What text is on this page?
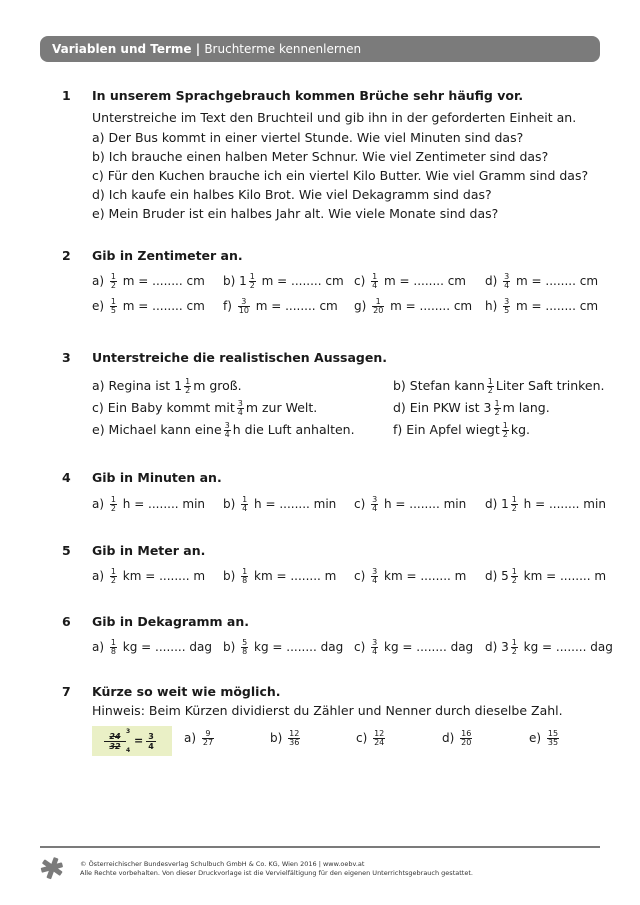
Variablen und Terme | Bruchterme kennenlernen
1 In unserem Sprachgebrauch kommen Brüche sehr häufig vor.
Unterstreiche im Text den Bruchteil und gib ihn in der geforderten Einheit an.
a) Der Bus kommt in einer viertel Stunde. Wie viel Minuten sind das?
b) Ich brauche einen halben Meter Schnur. Wie viel Zentimeter sind das?
c) Für den Kuchen brauche ich ein viertel Kilo Butter. Wie viel Gramm sind das?
d) Ich kaufe ein halbes Kilo Brot. Wie viel Dekagramm sind das?
e) Mein Bruder ist ein halbes Jahr alt. Wie viele Monate sind das?
2 Gib in Zentimeter an.
$a) \frac{1}{2}$ m = ........ cm b) $1 \frac{1}{2}$ m = ........ cm $c) \frac{1}{4}$ m = ........ cm $d) \frac{3}{4}$ m = ........ cm
$e) \frac{1}{5}$ m = ........ cm $f) \frac{3}{10}$ m = ........ cm $g) \frac{1}{20}$ m = ........ cm $h) \frac{3}{5}$ m = ........ cm
3 Unterstreiche die realistischen Aussagen.
a) Regina ist $1 \frac{1}{2}$ m groß.	b) Stefan kann $\frac{1}{2}$ Liter Saft trinken.
c) Ein Baby kommt mit $\frac{3}{4}$ m zur Welt.	d) Ein PKW ist $3 \frac{1}{2}$ m lang.
e) Michael kann eine $\frac{3}{4}$ h die Luft anhalten.	f) Ein Apfel wiegt $\frac{1}{2}$ kg.
4 Gib in Minuten an.
$a) \frac{1}{2}$ h = ........ $\min b) \frac{1}{4}$ h = ........ $\min c) \frac{3}{4}$ h = ........ min d) $1 \frac{1}{2}$ h = ........ min
5 Gib in Meter an.
$a) \frac{1}{2}$ km = ........ m $b) \frac{1}{8}$ km = ........ m $c) \frac{3}{4}$ km = ........ m d) $5 \frac{1}{2}$ km = ........ m
6 Gib in Dekagramm an.
$a) \frac{1}{8}$ kg = ........ dag $b) \frac{5}{8}$ kg = ........ dag $c) \frac{3}{4}$ kg = ........ dag d) $3 \frac{1}{2}$ kg = ........ dag
7 Kürze so weit wie möglich.
Hinweis: Beim Kürzen dividierst du Zähler und Nenner durch dieselbe Zahl.
$\frac{24}{32}$
3
4
= $\frac{3}{4} a) \frac{9}{27}$	$b) \frac{12}{36}$	$c) \frac{12}{24}$	$d) \frac{16}{20}$	$e) \frac{15}{35}$
© Österreichischer Bundesverlag Schulbuch GmbH & Co. KG, Wien 2016 | www.oebv.at
Alle Rechte vorbehalten. Von dieser Druckvorlage ist die Vervielfältigung für den eigenen Unterrichtsgebrauch gestattet.
